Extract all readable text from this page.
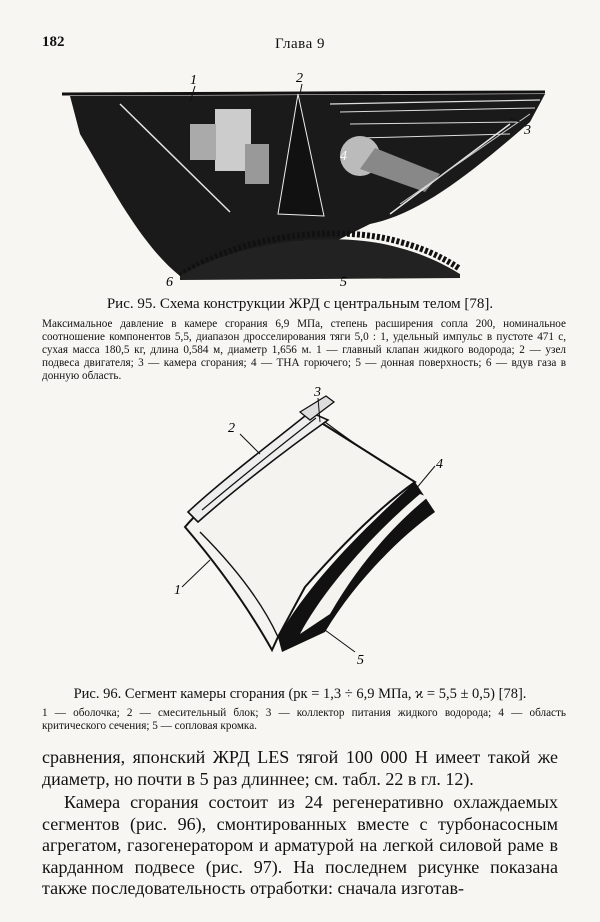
182	Глава 9
1	2
3
4
5
6
Рис. 95. Схема конструкции ЖРД с центральным телом [78].
Максимальное давление в камере сгорания 6,9 МПа, степень расширения сопла 200, номинальное соотношение компонентов 5,5, диапазон дросселирования тяги 5,0 : 1, удельный импульс в пустоте 471 с, сухая масса 180,5 кг, длина 0,584 м, диаметр 1,656 м. 1 — главный клапан жидкого водорода; 2 — узел подвеса двигателя; 3 — камера сгорания; 4 — ТНА горючего; 5 — донная поверхность; 6 — вдув газа в донную область.
1
2
3
4
5
Рис. 96. Сегмент камеры сгорания (pк = 1,3 ÷ 6,9 МПа, ϰ = 5,5 ± 0,5) [78].
1 — оболочка; 2 — смесительный блок; 3 — коллектор питания жидкого водорода; 4 — область критического сечения; 5 — сопловая кромка.
сравнения, японский ЖРД LES тягой 100 000 Н имеет такой же диаметр, но почти в 5 раз длиннее; см. табл. 22 в гл. 12).
Камера сгорания состоит из 24 регенеративно охлаждаемых сегментов (рис. 96), смонтированных вместе с турбонасосным агрегатом, газогенератором и арматурой на легкой силовой раме в карданном подвесе (рис. 97). На последнем рисунке показана также последовательность отработки: сначала изготав-
